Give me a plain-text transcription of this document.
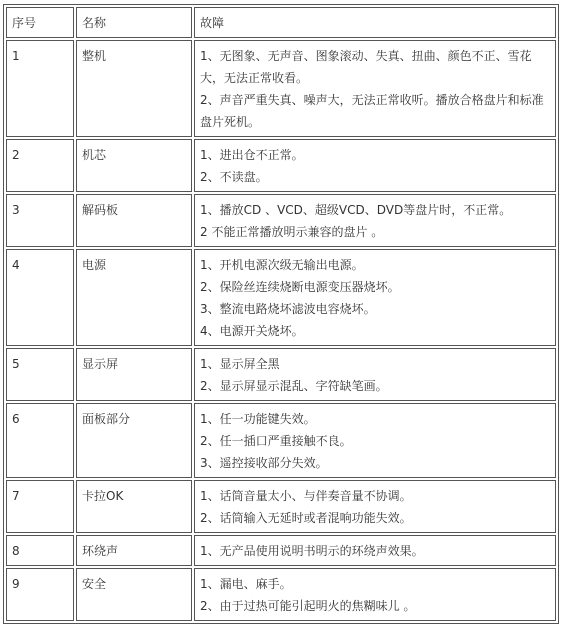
序号	名称	故障
1	整机	1、无图象、无声音、图象滚动、失真、扭曲、颜色不正、雪花大，无法正常收看。
2、声音严重失真、噪声大，无法正常收听。播放合格盘片和标准盘片死机。

2	机芯	1、进出仓不正常。
2、不读盘。

3	解码板	1、播放CD 、VCD、超级VCD、DVD等盘片时，不正常。
2 不能正常播放明示兼容的盘片 。

4	电源	1、开机电源次级无输出电源。
2、保险丝连续烧断电源变压器烧坏。
3、整流电路烧坏滤波电容烧坏。
4、电源开关烧坏。

5	显示屏	1、显示屏全黑
2、显示屏显示混乱、字符缺笔画。

6	面板部分	1、任一功能键失效。
2、任一插口严重接触不良。
3、遥控接收部分失效。

7	卡拉OK	1、话筒音量太小、与伴奏音量不协调。
2、话筒输入无延时或者混响功能失效。

8	环绕声	1、无产品使用说明书明示的环绕声效果。

9	安全	1、漏电、麻手。
2、由于过热可能引起明火的焦糊味儿 。
